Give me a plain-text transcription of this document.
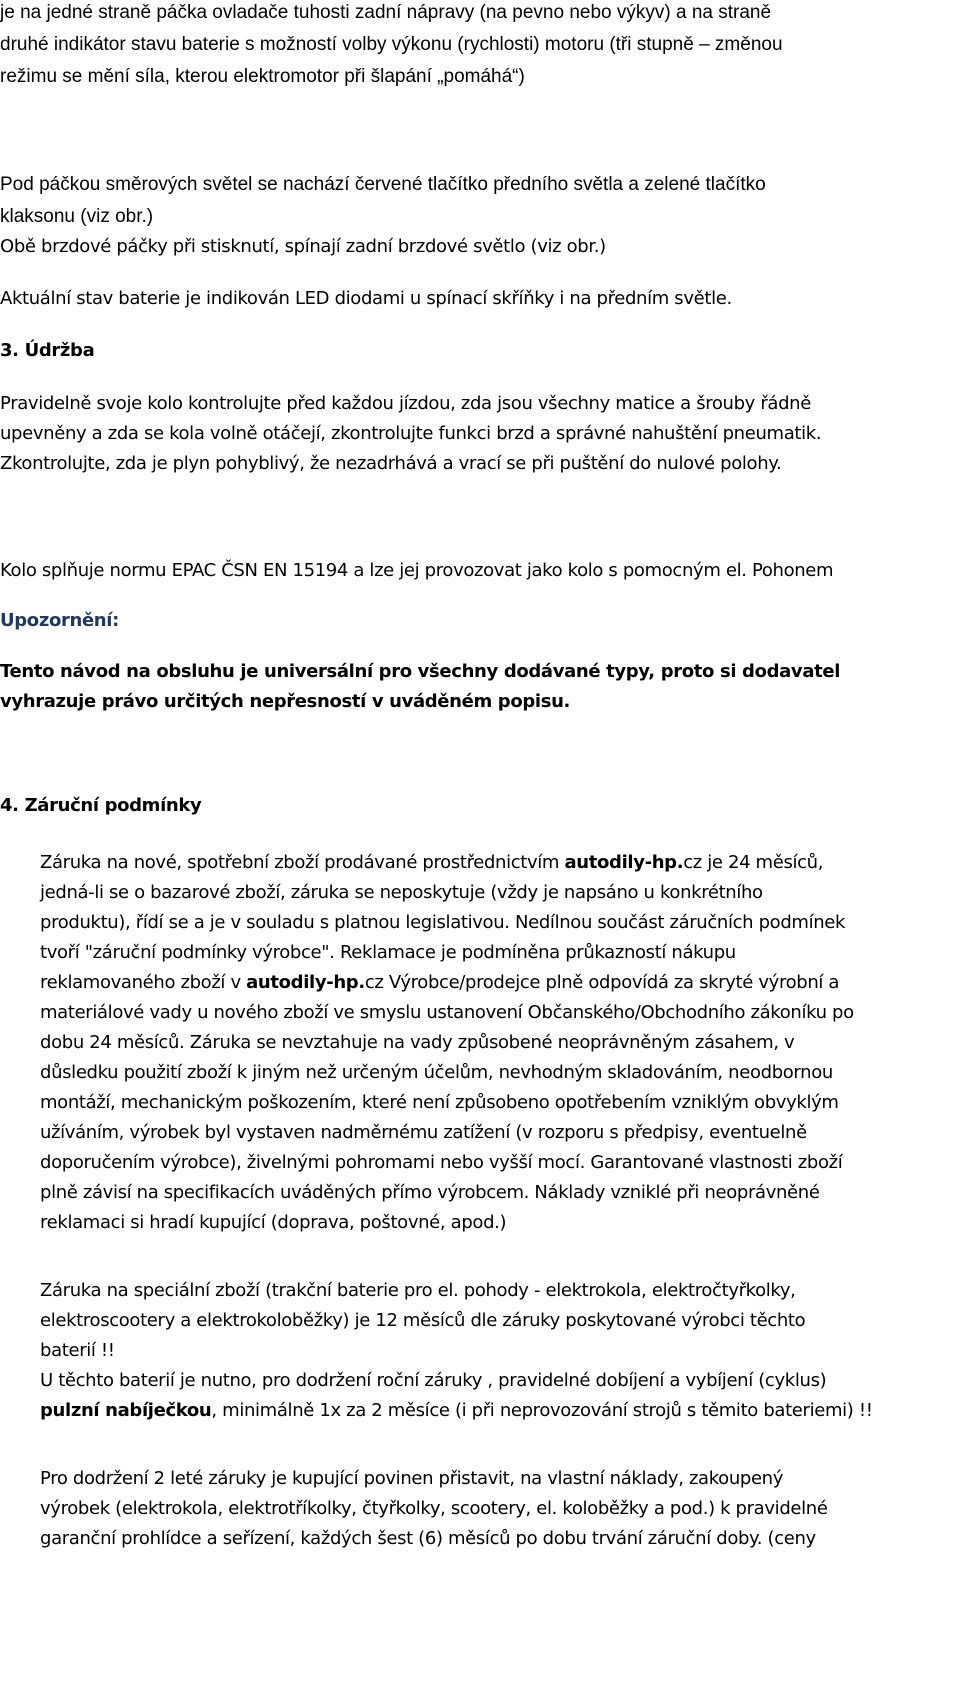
je na jedné straně páčka ovladače tuhosti zadní nápravy (na pevno nebo výkyv) a na straně

druhé indikátor stavu baterie s možností volby výkonu (rychlosti) motoru (tři stupně – změnou

režimu se mění síla, kterou elektromotor při šlapání „pomáhá“)

Pod páčkou směrových světel se nachází červené tlačítko předního světla a zelené tlačítko

klaksonu (viz obr.)

Obě brzdové páčky při stisknutí, spínají zadní brzdové světlo (viz obr.)

Aktuální stav baterie je indikován LED diodami u spínací skříňky i na předním světle.

3. Údržba

Pravidelně svoje kolo kontrolujte před každou jízdou, zda jsou všechny matice a šrouby řádně

upevněny a zda se kola volně otáčejí, zkontrolujte funkci brzd a správné nahuštění pneumatik.

Zkontrolujte, zda je plyn pohyblivý, že nezadrhává a vrací se při puštění do nulové polohy.

Kolo splňuje normu EPAC ČSN EN 15194 a lze jej provozovat jako kolo s pomocným el. Pohonem

Upozornění:

Tento návod na obsluhu je universální pro všechny dodávané typy, proto si dodavatel

vyhrazuje právo určitých nepřesností v uváděném popisu.

4. Záruční podmínky

Záruka na nové, spotřební zboží prodávané prostřednictvím autodily-hp.cz je 24 měsíců,

jedná-li se o bazarové zboží, záruka se neposkytuje (vždy je napsáno u konkrétního

produktu), řídí se a je v souladu s platnou legislativou. Nedílnou součást záručních podmínek

tvoří "záruční podmínky výrobce". Reklamace je podmíněna průkazností nákupu

reklamovaného zboží v autodily-hp.cz Výrobce/prodejce plně odpovídá za skryté výrobní a

materiálové vady u nového zboží ve smyslu ustanovení Občanského/Obchodního zákoníku po

dobu 24 měsíců. Záruka se nevztahuje na vady způsobené neoprávněným zásahem, v

důsledku použití zboží k jiným než určeným účelům, nevhodným skladováním, neodbornou

montáží, mechanickým poškozením, které není způsobeno opotřebením vzniklým obvyklým

užíváním, výrobek byl vystaven nadměrnému zatížení (v rozporu s předpisy, eventuelně

doporučením výrobce), živelnými pohromami nebo vyšší mocí. Garantované vlastnosti zboží

plně závisí na specifikacích uváděných přímo výrobcem. Náklady vzniklé při neoprávněné

reklamaci si hradí kupující (doprava, poštovné, apod.)

Záruka na speciální zboží (trakční baterie pro el. pohody - elektrokola, elektročtyřkolky,

elektroscootery a elektrokoloběžky) je 12 měsíců dle záruky poskytované výrobci těchto

baterií !!

U těchto baterií je nutno, pro dodržení roční záruky , pravidelné dobíjení a vybíjení (cyklus)

pulzní nabíječkou, minimálně 1x za 2 měsíce (i při neprovozování strojů s těmito bateriemi) !!

Pro dodržení 2 leté záruky je kupující povinen přistavit, na vlastní náklady, zakoupený

výrobek (elektrokola, elektrotříkolky, čtyřkolky, scootery, el. koloběžky a pod.) k pravidelné

garanční prohlídce a seřízení, každých šest (6) měsíců po dobu trvání záruční doby. (ceny
